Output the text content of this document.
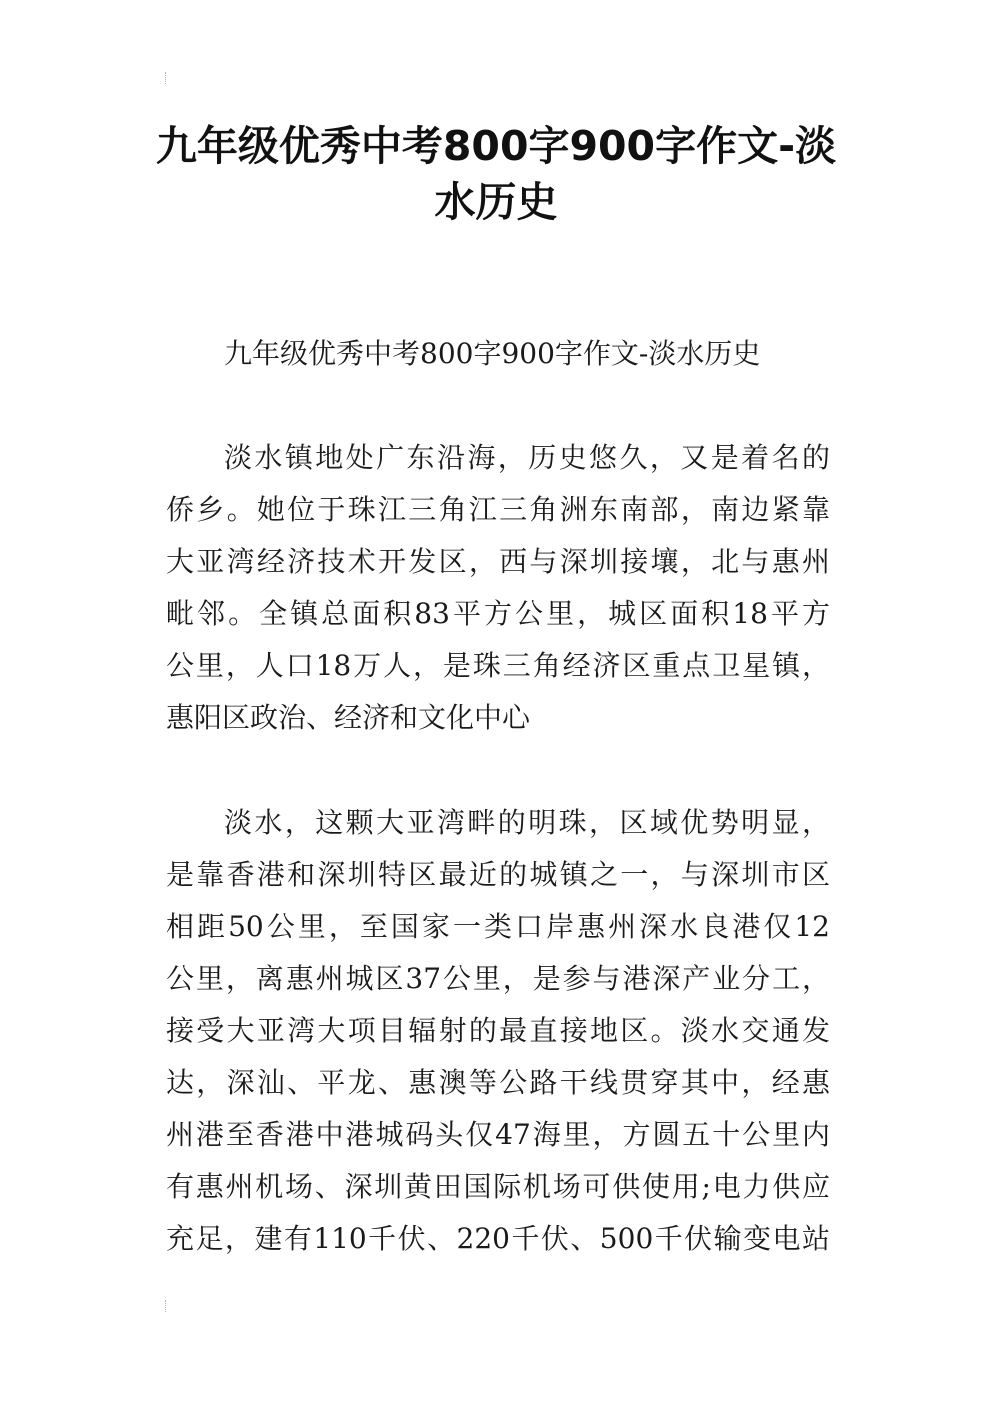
九年级优秀中考800字900字作文-淡
水历史

九年级优秀中考800字900字作文-淡水历史

淡水镇地处广东沿海，历史悠久，又是着名的
侨乡。她位于珠江三角江三角洲东南部，南边紧靠
大亚湾经济技术开发区，西与深圳接壤，北与惠州
毗邻。全镇总面积83平方公里，城区面积18平方
公里，人口18万人，是珠三角经济区重点卫星镇，
惠阳区政治、经济和文化中心

淡水，这颗大亚湾畔的明珠，区域优势明显，
是靠香港和深圳特区最近的城镇之一，与深圳市区
相距50公里，至国家一类口岸惠州深水良港仅12
公里，离惠州城区37公里，是参与港深产业分工，
接受大亚湾大项目辐射的最直接地区。淡水交通发
达，深汕、平龙、惠澳等公路干线贯穿其中，经惠
州港至香港中港城码头仅47海里，方圆五十公里内
有惠州机场、深圳黄田国际机场可供使用;电力供应
充足，建有110千伏、220千伏、500千伏输变电站
